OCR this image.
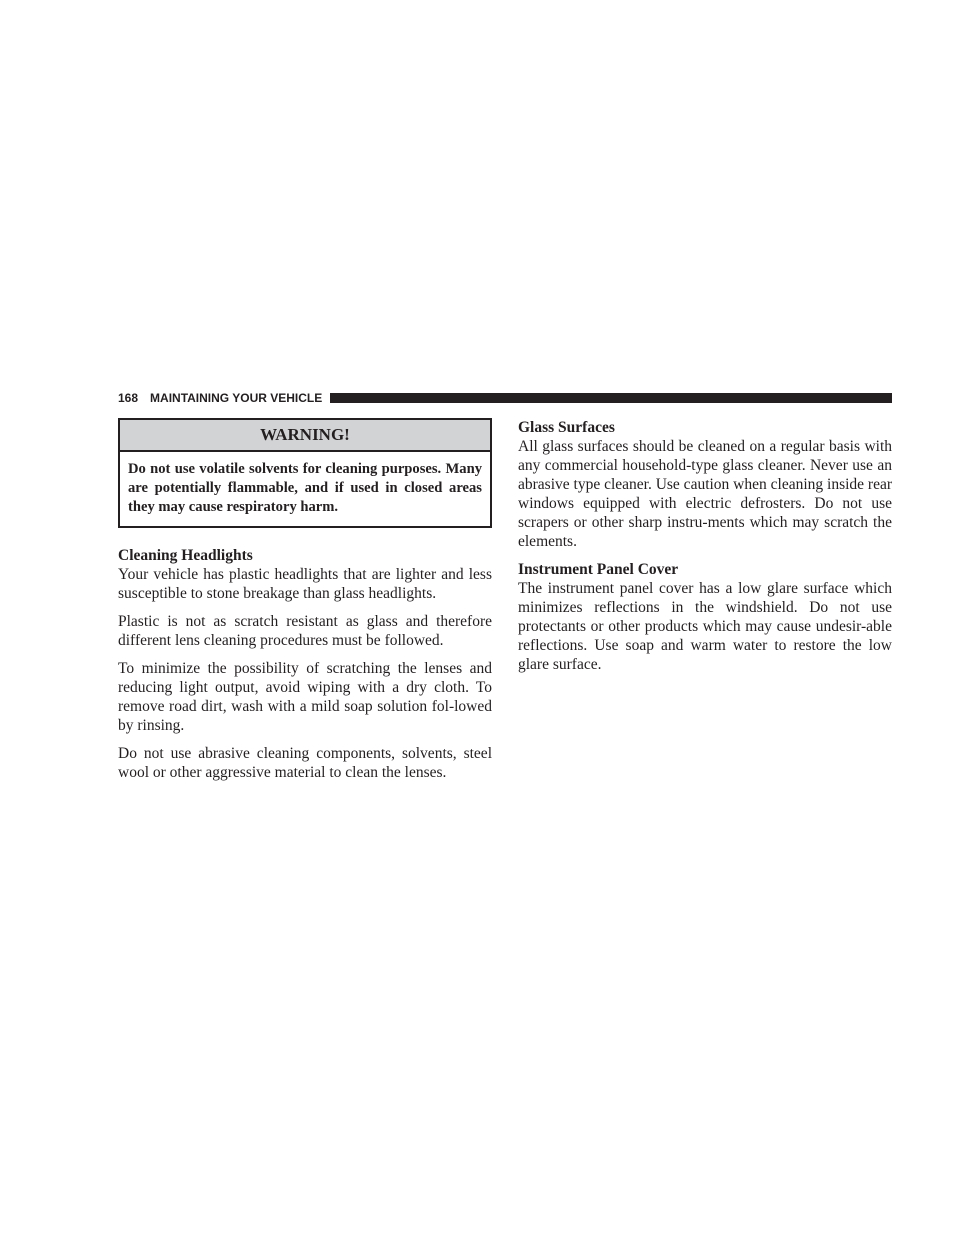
168 MAINTAINING YOUR VEHICLE
WARNING!
Do not use volatile solvents for cleaning purposes. Many are potentially flammable, and if used in closed areas they may cause respiratory harm.

Cleaning Headlights

Your vehicle has plastic headlights that are lighter and less susceptible to stone breakage than glass headlights.

Plastic is not as scratch resistant as glass and therefore different lens cleaning procedures must be followed.

To minimize the possibility of scratching the lenses and reducing light output, avoid wiping with a dry cloth. To remove road dirt, wash with a mild soap solution fol-lowed by rinsing.

Do not use abrasive cleaning components, solvents, steel wool or other aggressive material to clean the lenses.

Glass Surfaces

All glass surfaces should be cleaned on a regular basis with any commercial household-type glass cleaner. Never use an abrasive type cleaner. Use caution when cleaning inside rear windows equipped with electric defrosters. Do not use scrapers or other sharp instru-ments which may scratch the elements.

Instrument Panel Cover

The instrument panel cover has a low glare surface which minimizes reflections in the windshield. Do not use protectants or other products which may cause undesir-able reflections. Use soap and warm water to restore the low glare surface.
